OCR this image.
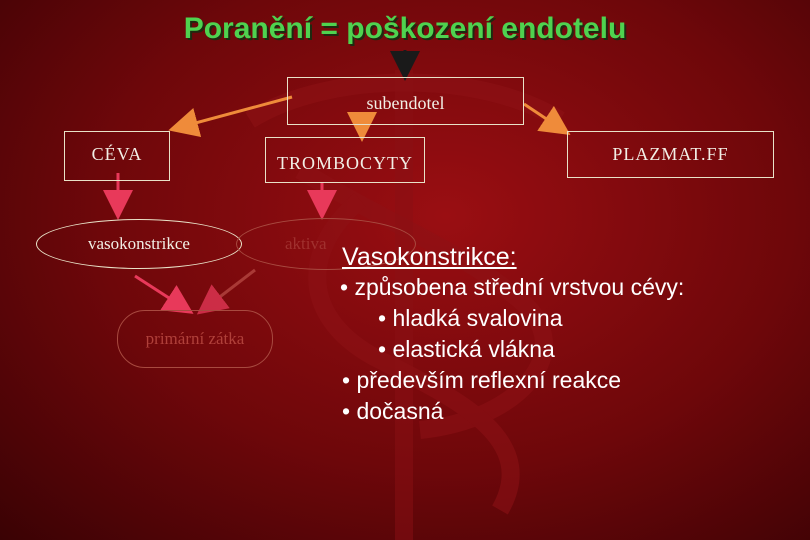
Poranění = poškození endotelu
subendotel
CÉVA	TROMBOCYTY	PLAZMAT.FF
vasokonstrikce	aktiva
primární zátka
Vasokonstrikce:
• způsobena střední vrstvou cévy:
• hladká svalovina
• elastická vlákna
• především reflexní reakce
• dočasná
